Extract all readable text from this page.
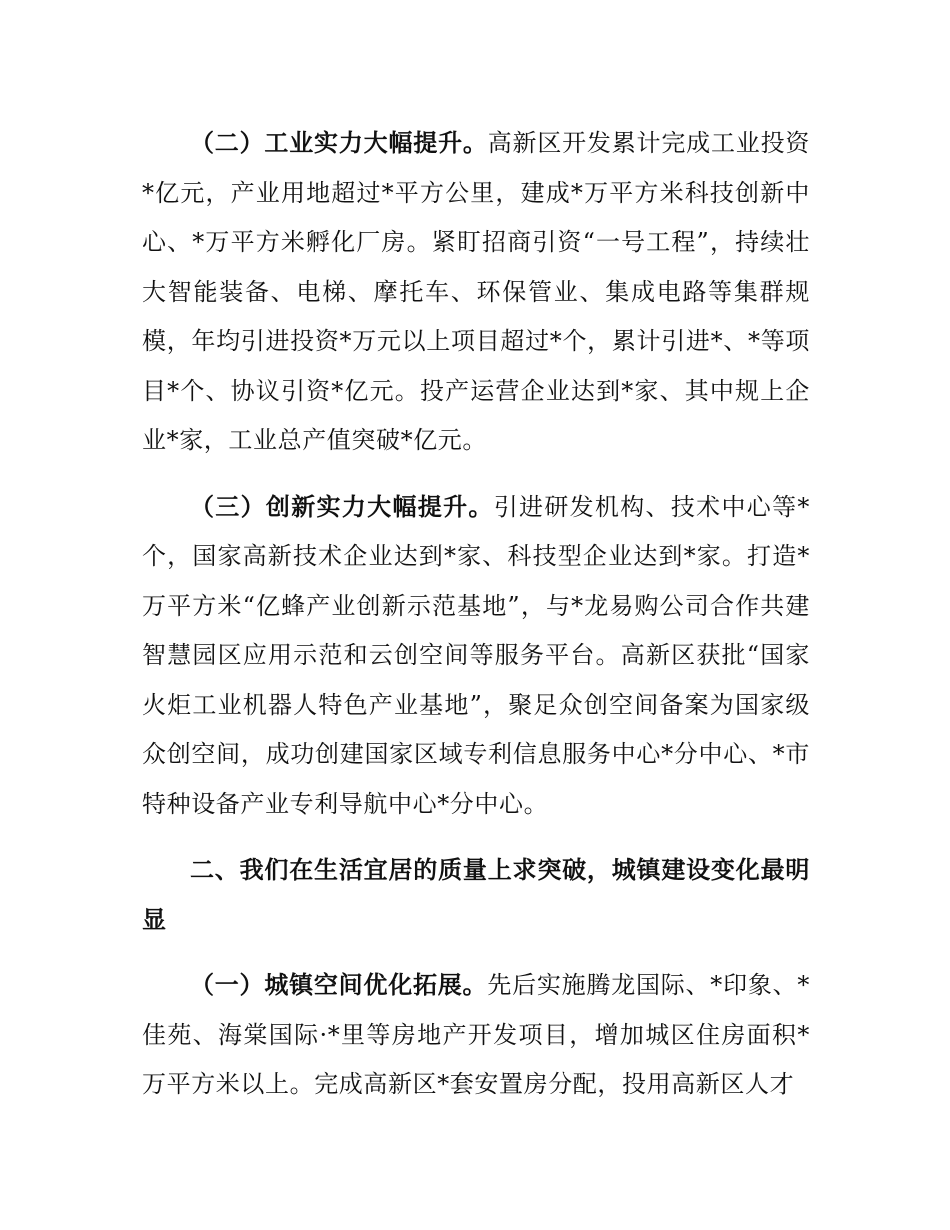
（二）工业实力大幅提升。高新区开发累计完成工业投资*亿元，产业用地超过*平方公里，建成*万平方米科技创新中心、*万平方米孵化厂房。紧盯招商引资“一号工程”，持续壮大智能装备、电梯、摩托车、环保管业、集成电路等集群规模，年均引进投资*万元以上项目超过*个，累计引进*、*等项目*个、协议引资*亿元。投产运营企业达到*家、其中规上企业*家，工业总产值突破*亿元。

（三）创新实力大幅提升。引进研发机构、技术中心等*个，国家高新技术企业达到*家、科技型企业达到*家。打造*万平方米“亿蜂产业创新示范基地”，与*龙易购公司合作共建智慧园区应用示范和云创空间等服务平台。高新区获批“国家火炬工业机器人特色产业基地”，聚足众创空间备案为国家级众创空间，成功创建国家区域专利信息服务中心*分中心、*市特种设备产业专利导航中心*分中心。

二、我们在生活宜居的质量上求突破，城镇建设变化最明显

（一）城镇空间优化拓展。先后实施腾龙国际、*印象、*佳苑、海棠国际·*里等房地产开发项目，增加城区住房面积*万平方米以上。完成高新区*套安置房分配，投用高新区人才
